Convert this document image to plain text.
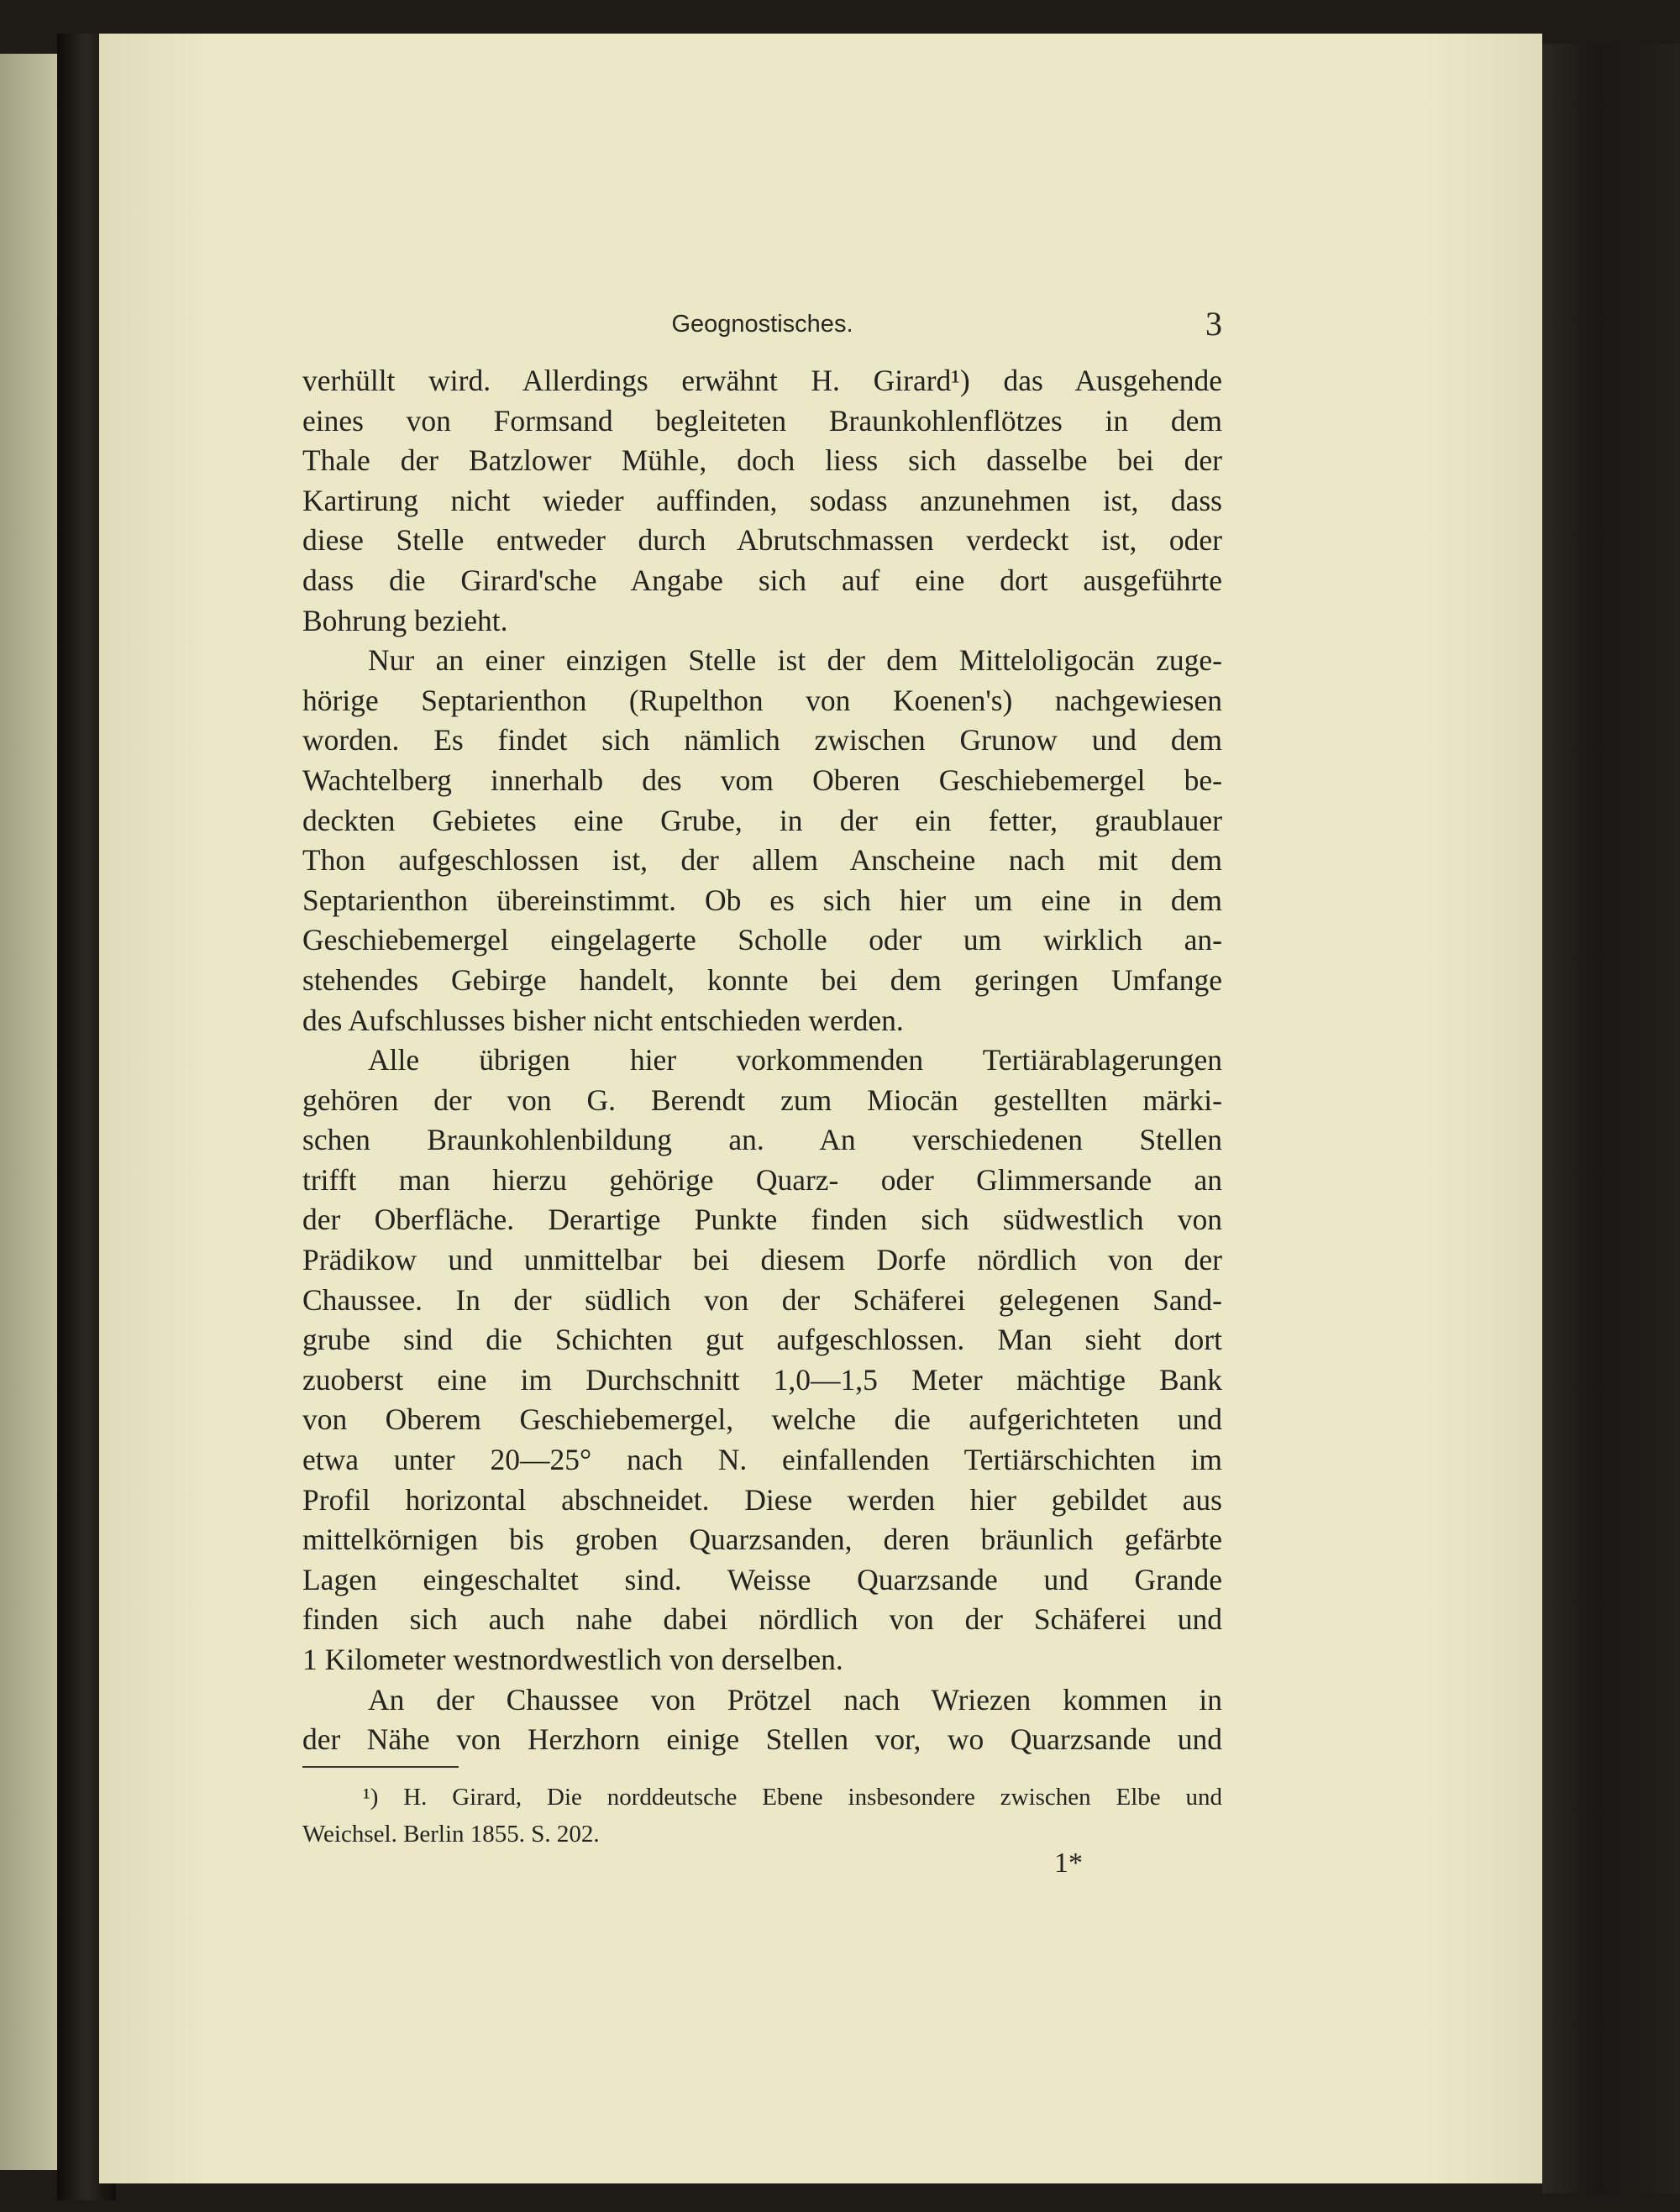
Geognostisches.	3
verhüllt wird. Allerdings erwähnt H. Girard¹) das Ausgehende
eines von Formsand begleiteten Braunkohlenflötzes in dem
Thale der Batzlower Mühle, doch liess sich dasselbe bei der
Kartirung nicht wieder auffinden, sodass anzunehmen ist, dass
diese Stelle entweder durch Abrutschmassen verdeckt ist, oder
dass die Girard'sche Angabe sich auf eine dort ausgeführte
Bohrung bezieht.
Nur an einer einzigen Stelle ist der dem Mitteloligocän zuge-
hörige Septarienthon (Rupelthon von Koenen's) nachgewiesen
worden. Es findet sich nämlich zwischen Grunow und dem
Wachtelberg innerhalb des vom Oberen Geschiebemergel be-
deckten Gebietes eine Grube, in der ein fetter, graublauer
Thon aufgeschlossen ist, der allem Anscheine nach mit dem
Septarienthon übereinstimmt. Ob es sich hier um eine in dem
Geschiebemergel eingelagerte Scholle oder um wirklich an-
stehendes Gebirge handelt, konnte bei dem geringen Umfange
des Aufschlusses bisher nicht entschieden werden.
Alle übrigen hier vorkommenden Tertiärablagerungen
gehören der von G. Berendt zum Miocän gestellten märki-
schen Braunkohlenbildung an. An verschiedenen Stellen
trifft man hierzu gehörige Quarz- oder Glimmersande an
der Oberfläche. Derartige Punkte finden sich südwestlich von
Prädikow und unmittelbar bei diesem Dorfe nördlich von der
Chaussee. In der südlich von der Schäferei gelegenen Sand-
grube sind die Schichten gut aufgeschlossen. Man sieht dort
zuoberst eine im Durchschnitt 1,0—1,5 Meter mächtige Bank
von Oberem Geschiebemergel, welche die aufgerichteten und
etwa unter 20—25° nach N. einfallenden Tertiärschichten im
Profil horizontal abschneidet. Diese werden hier gebildet aus
mittelkörnigen bis groben Quarzsanden, deren bräunlich gefärbte
Lagen eingeschaltet sind. Weisse Quarzsande und Grande
finden sich auch nahe dabei nördlich von der Schäferei und
1 Kilometer westnordwestlich von derselben.
An der Chaussee von Prötzel nach Wriezen kommen in
der Nähe von Herzhorn einige Stellen vor, wo Quarzsande und
¹) H. Girard, Die norddeutsche Ebene insbesondere zwischen Elbe und
Weichsel. Berlin 1855. S. 202.
1*
